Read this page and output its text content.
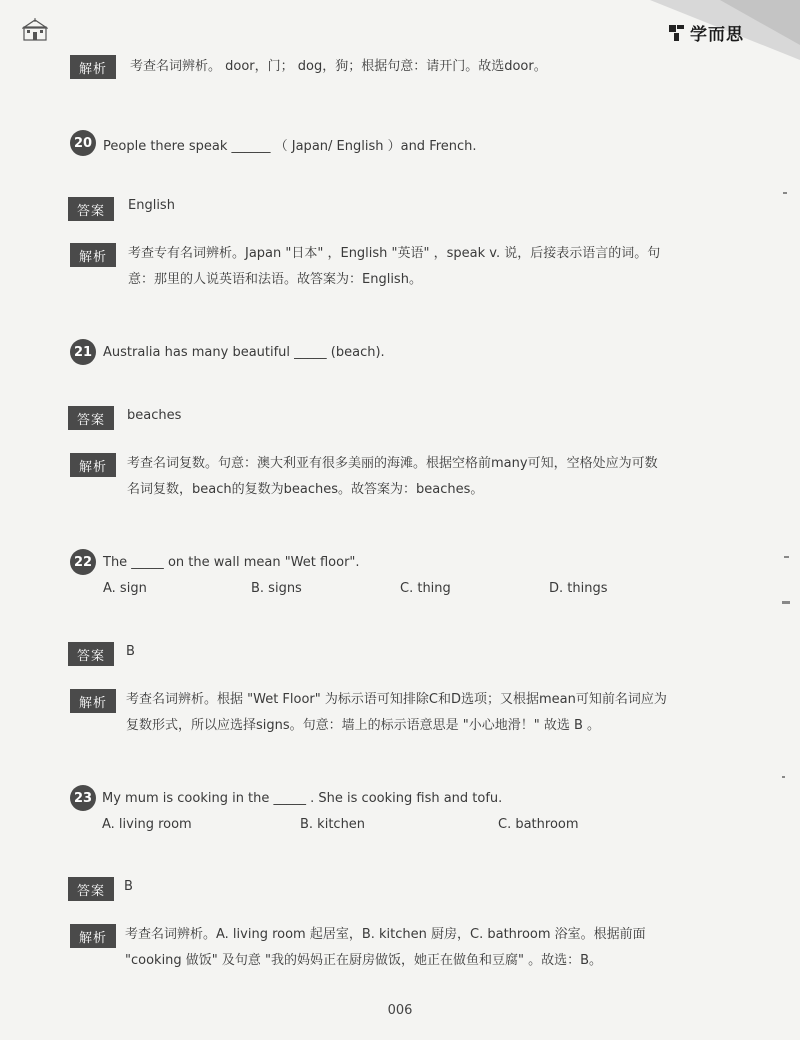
学而思
解析	考查名词辨析。 door，门； dog，狗；根据句意：请开门。故选door。
20 People there speak ______ （ Japan/ English ）and French.
答案	English
解析	考查专有名词辨析。Japan "日本" ，English "英语" ，speak v. 说，后接表示语言的词。句
意：那里的人说英语和法语。故答案为：English。
21 Australia has many beautiful _____ (beach).
答案	beaches
解析	考查名词复数。句意：澳大利亚有很多美丽的海滩。根据空格前many可知，空格处应为可数
名词复数，beach的复数为beaches。故答案为：beaches。
22 The _____ on the wall mean "Wet floor".
A. sign	B. signs	C. thing	D. things
答案	B
解析	考查名词辨析。根据 "Wet Floor" 为标示语可知排除C和D选项；又根据mean可知前名词应为
复数形式，所以应选择signs。句意：墙上的标示语意思是 "小心地滑！" 故选 B 。
23 My mum is cooking in the _____ . She is cooking fish and tofu.
A. living room	B. kitchen	C. bathroom
答案	B
解析	考查名词辨析。A. living room 起居室，B. kitchen 厨房，C. bathroom 浴室。根据前面
"cooking 做饭" 及句意 "我的妈妈正在厨房做饭，她正在做鱼和豆腐" 。故选：B。
006
